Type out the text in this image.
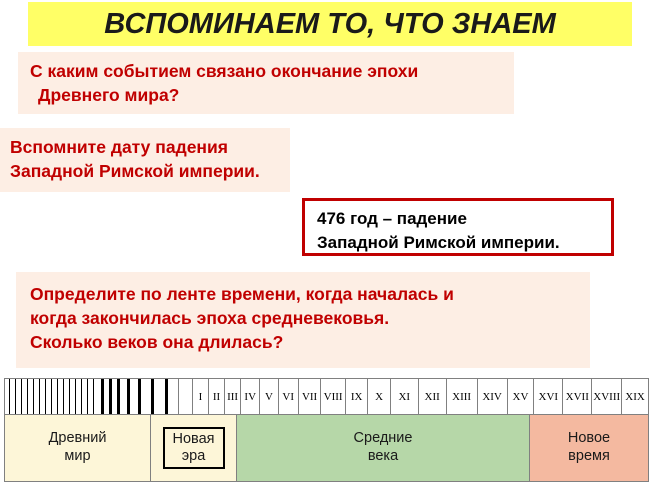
ВСПОМИНАЕМ ТО, ЧТО ЗНАЕМ
С каким событием связано окончание эпохи
Древнего мира?
Вспомните дату падения
Западной Римской империи.
476 год – падение
Западной Римской империи.
Определите по ленте времени, когда началась и
когда закончилась эпоха средневековья.
Сколько веков она длилась?
I II III IV V VI VII VIII IX	X	XI	XII	XIII	XIV XV XVI XVII XVIII XIX
Древний
мир
Новая
эра
Средние
века
Новое
время
